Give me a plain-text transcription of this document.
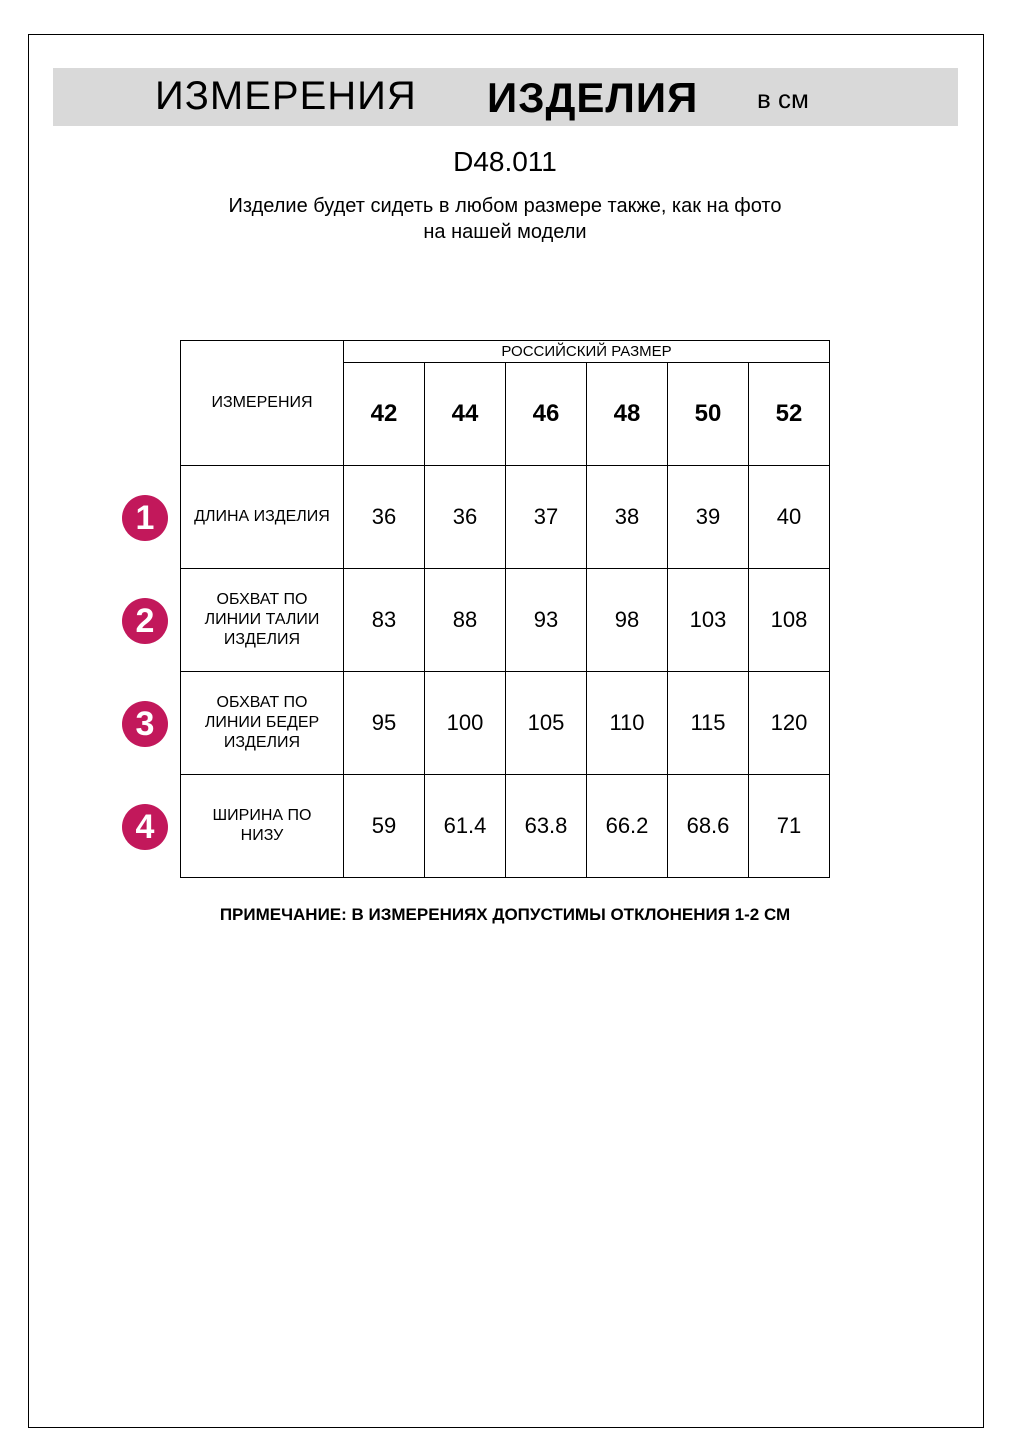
ИЗМЕРЕНИЯ ИЗДЕЛИЯ в см
D48.011
Изделие будет сидеть в любом размере также, как на фото
на нашей модели
ИЗМЕРЕНИЯ	РОССИЙСКИЙ РАЗМЕР					
	42	44	46	48	50	52
ДЛИНА ИЗДЕЛИЯ	36	36	37	38	39	40
ОБХВАТ ПО ЛИНИИ ТАЛИИ ИЗДЕЛИЯ	83	88	93	98	103	108
ОБХВАТ ПО ЛИНИИ БЕДЕР ИЗДЕЛИЯ	95	100	105	110	115	120
ШИРИНА ПО НИЗУ	59	61.4	63.8	66.2	68.6	71
1
2
3
4
ПРИМЕЧАНИЕ: В ИЗМЕРЕНИЯХ ДОПУСТИМЫ ОТКЛОНЕНИЯ 1-2 СМ
